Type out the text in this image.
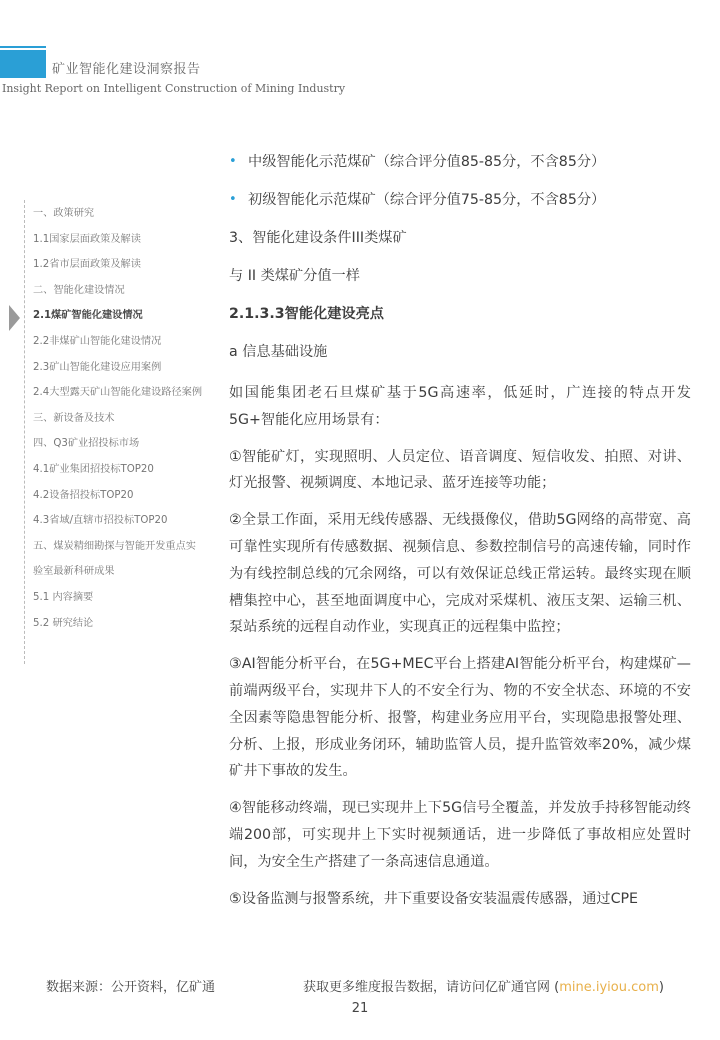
矿业智能化建设洞察报告
Insight Report on Intelligent Construction of Mining Industry
一、政策研究
1.1国家层面政策及解读
1.2省市层面政策及解读
二、智能化建设情况
2.1煤矿智能化建设情况
2.2非煤矿山智能化建设情况
2.3矿山智能化建设应用案例
2.4大型露天矿山智能化建设路径案例
三、新设备及技术
四、Q3矿业招投标市场
4.1矿业集团招投标TOP20
4.2设备招投标TOP20
4.3省域/直辖市招投标TOP20
五、煤炭精细勘探与智能开发重点实
验室最新科研成果
5.1 内容摘要
5.2 研究结论
• 中级智能化示范煤矿（综合评分值85-85分，不含85分）
• 初级智能化示范煤矿（综合评分值75-85分，不含85分）
3、智能化建设条件III类煤矿
与 II 类煤矿分值一样
2.1.3.3智能化建设亮点
a 信息基础设施

如国能集团老石旦煤矿基于5G高速率，低延时，广连接的特点开发5G+智能化应用场景有：

①智能矿灯，实现照明、人员定位、语音调度、短信收发、拍照、对讲、灯光报警、视频调度、本地记录、蓝牙连接等功能；

②全景工作面，采用无线传感器、无线摄像仪，借助5G网络的高带宽、高可靠性实现所有传感数据、视频信息、参数控制信号的高速传输，同时作为有线控制总线的冗余网络，可以有效保证总线正常运转。最终实现在顺槽集控中心，甚至地面调度中心，完成对采煤机、液压支架、运输三机、泵站系统的远程自动作业，实现真正的远程集中监控；

③AI智能分析平台，在5G+MEC平台上搭建AI智能分析平台，构建煤矿—前端两级平台，实现井下人的不安全行为、物的不安全状态、环境的不安全因素等隐患智能分析、报警，构建业务应用平台，实现隐患报警处理、分析、上报，形成业务闭环，辅助监管人员，提升监管效率20%，减少煤矿井下事故的发生。

④智能移动终端，现已实现井上下5G信号全覆盖，并发放手持移智能动终端200部，可实现井上下实时视频通话，进一步降低了事故相应处置时间，为安全生产搭建了一条高速信息通道。

⑤设备监测与报警系统，井下重要设备安装温震传感器，通过CPE

数据来源：公开资料，亿矿通	获取更多维度报告数据，请访问亿矿通官网 (mine.iyiou.com)
21
